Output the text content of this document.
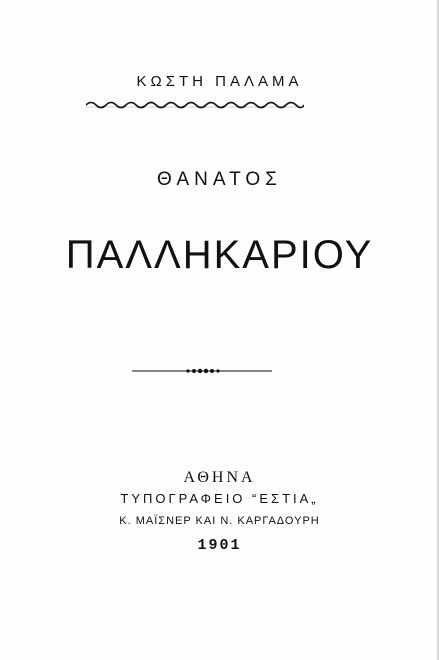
ΚΩΣΤΗ ΠΑΛΑΜΑ
ΘΑΝΑΤΟΣ
ΠΑΛΛΗΚΑΡΙΟΥ
ΑΘΗΝΑ
ΤΥΠΟΓΡΑΦΕΙΟ “ΕΣΤΙΑ„
Κ. ΜΑΪΣΝΕΡ ΚΑΙ Ν. ΚΑΡΓΑΔΟΥΡΗ
1901
